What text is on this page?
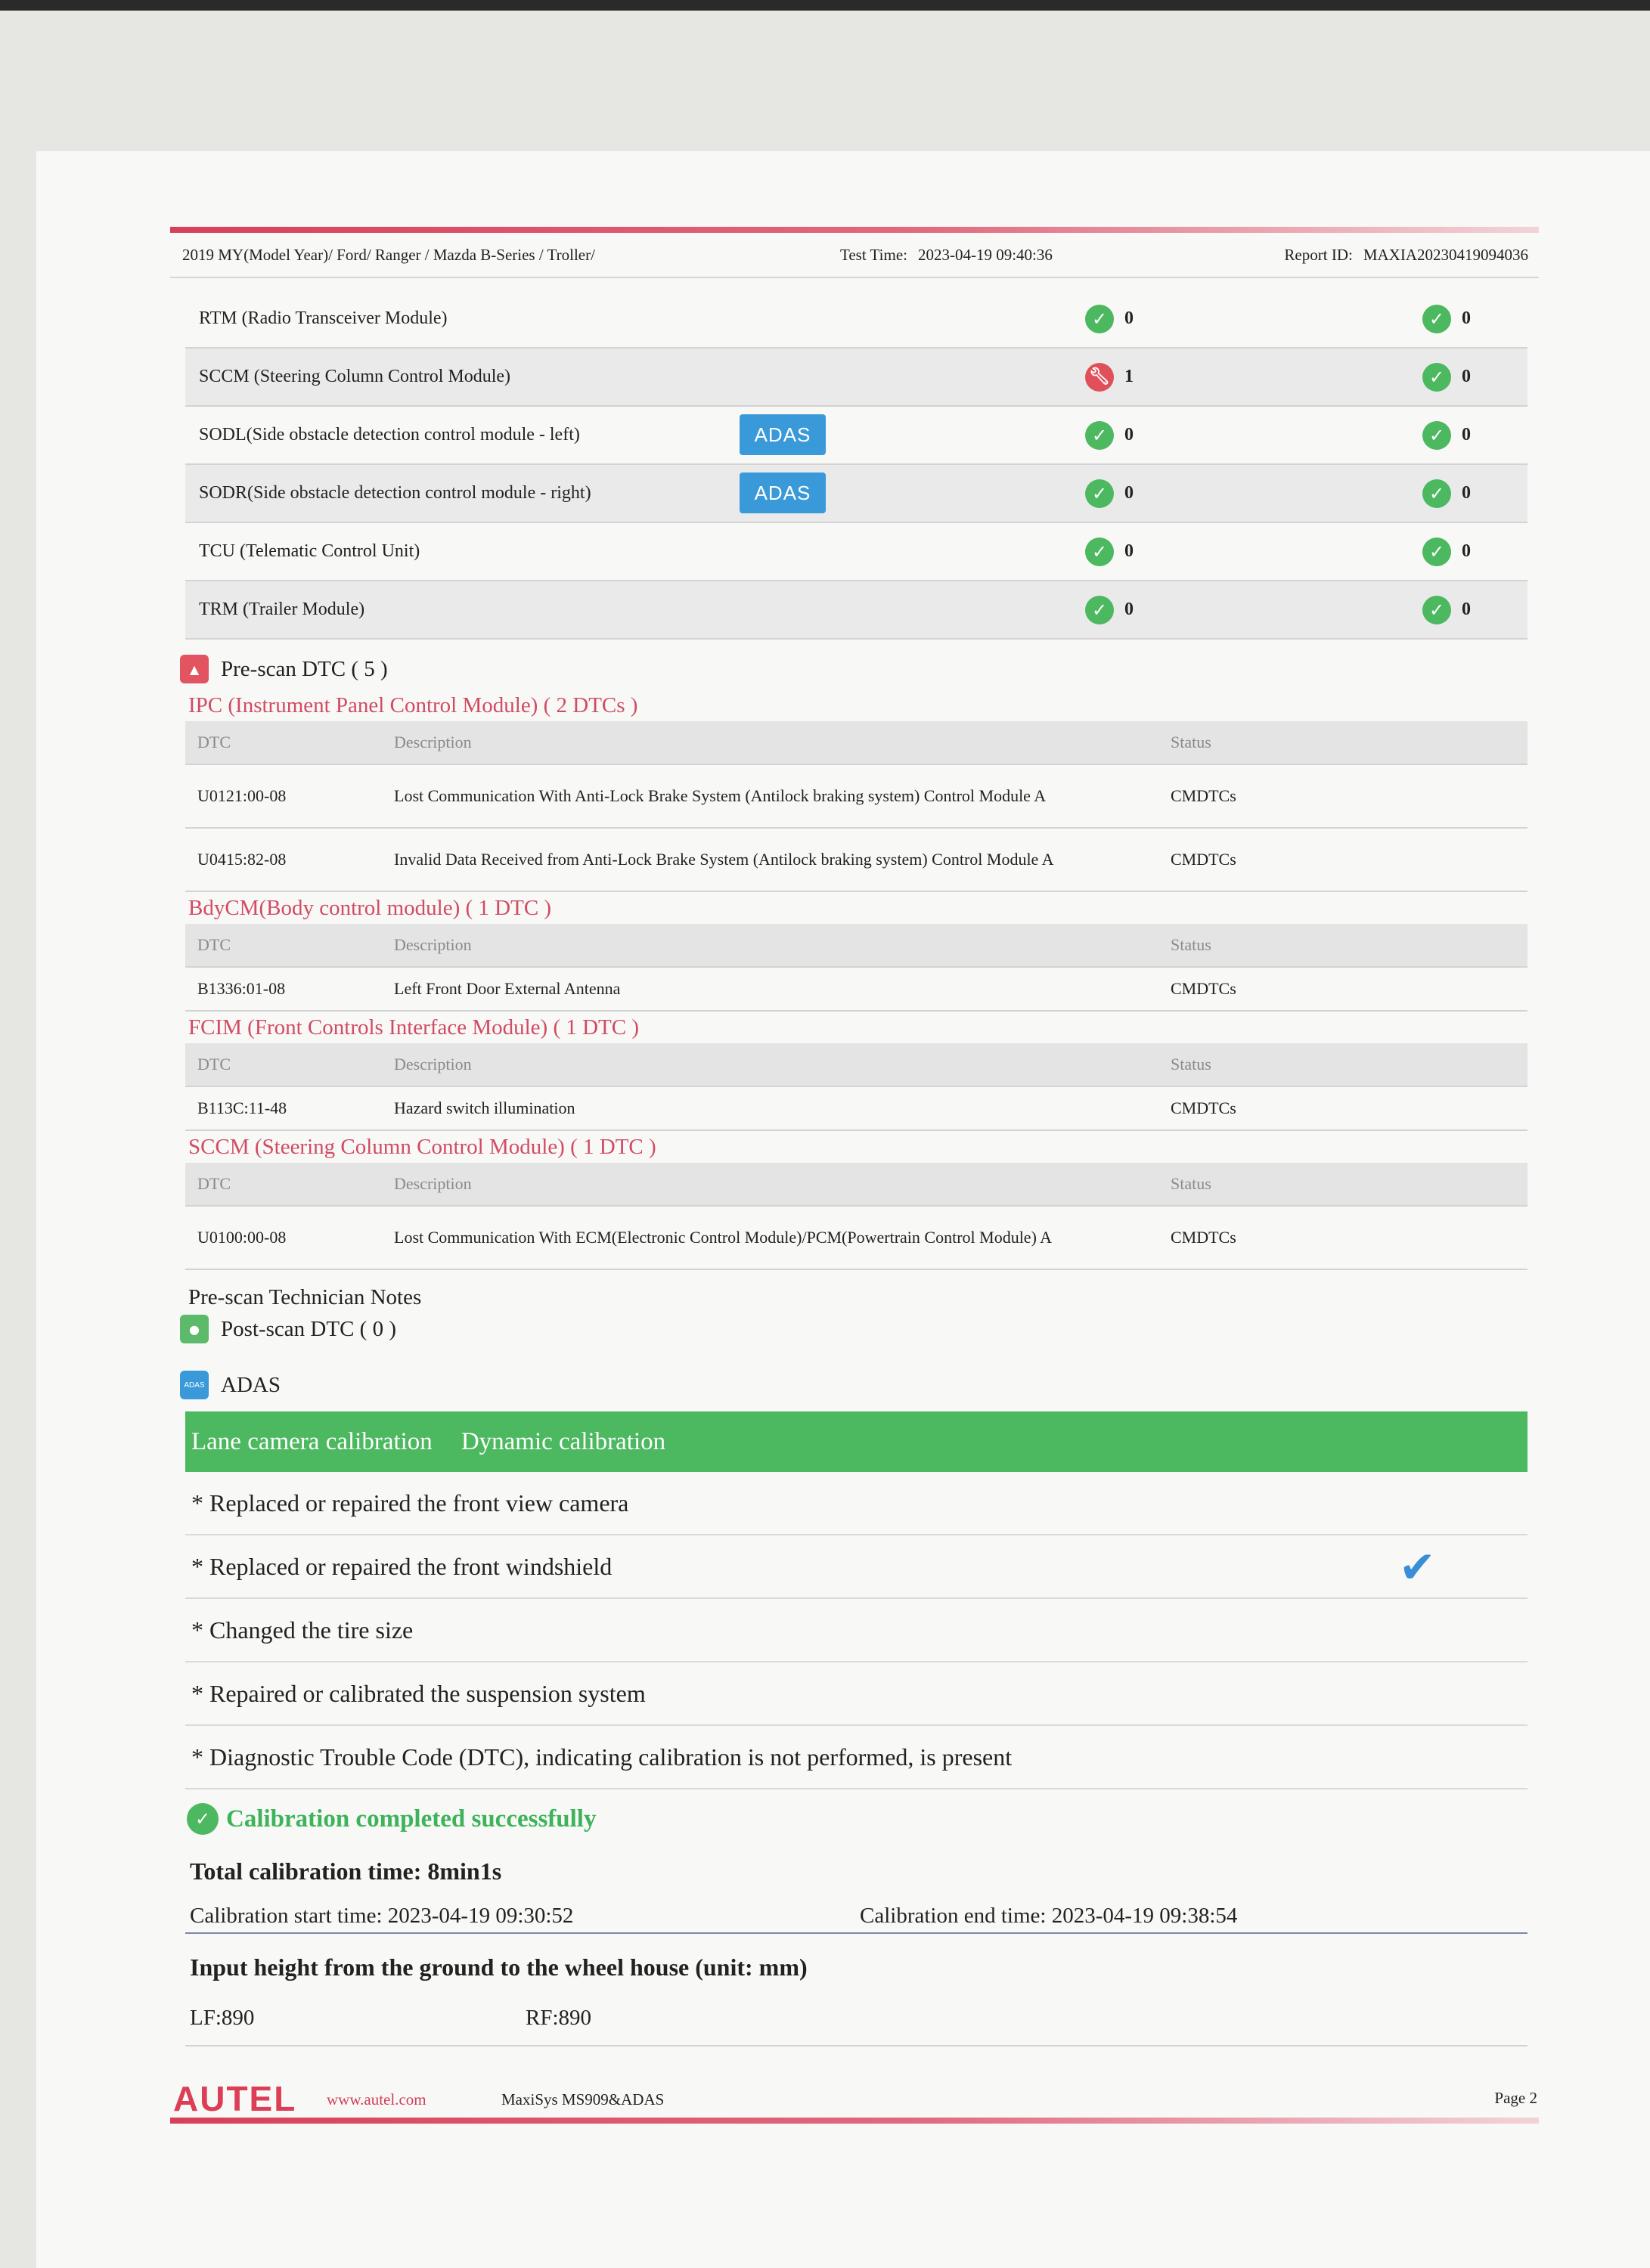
2019 MY(Model Year)/ Ford/ Ranger / Mazda B-Series / Troller/	Test Time: 2023-04-19 09:40:36	Report ID: MAXIA20230419094036
RTM (Radio Transceiver Module)	✓ 0	✓ 0
SCCM (Steering Column Control Module)	🔧︎ 1	✓ 0
SODL(Side obstacle detection control module - left)	ADAS	✓ 0	✓ 0
SODR(Side obstacle detection control module - right)	ADAS	✓ 0	✓ 0
TCU (Telematic Control Unit)	✓ 0	✓ 0
TRM (Trailer Module)	✓ 0	✓ 0
▲ Pre-scan DTC ( 5 )
IPC (Instrument Panel Control Module) ( 2 DTCs )
DTC	Description	Status
U0121:00-08	Lost Communication With Anti-Lock Brake System (Antilock braking system) Control Module A	CMDTCs
U0415:82-08	Invalid Data Received from Anti-Lock Brake System (Antilock braking system) Control Module A	CMDTCs
BdyCM(Body control module) ( 1 DTC )
DTC	Description	Status
B1336:01-08	Left Front Door External Antenna	CMDTCs
FCIM (Front Controls Interface Module) ( 1 DTC )
DTC	Description	Status
B113C:11-48	Hazard switch illumination	CMDTCs
SCCM (Steering Column Control Module) ( 1 DTC )
DTC	Description	Status
U0100:00-08	Lost Communication With ECM(Electronic Control Module)/PCM(Powertrain Control Module) A	CMDTCs
Pre-scan Technician Notes
● Post-scan DTC ( 0 )
ADAS ADAS
Lane camera calibration Dynamic calibration
* Replaced or repaired the front view camera
* Replaced or repaired the front windshield	✔
* Changed the tire size
* Repaired or calibrated the suspension system
* Diagnostic Trouble Code (DTC), indicating calibration is not performed, is present
✓ Calibration completed successfully
Total calibration time: 8min1s
Calibration start time: 2023-04-19 09:30:52	Calibration end time: 2023-04-19 09:38:54
Input height from the ground to the wheel house (unit: mm)
LF:890	RF:890
AUTEL www.autel.com	MaxiSys MS909&ADAS	Page 2
